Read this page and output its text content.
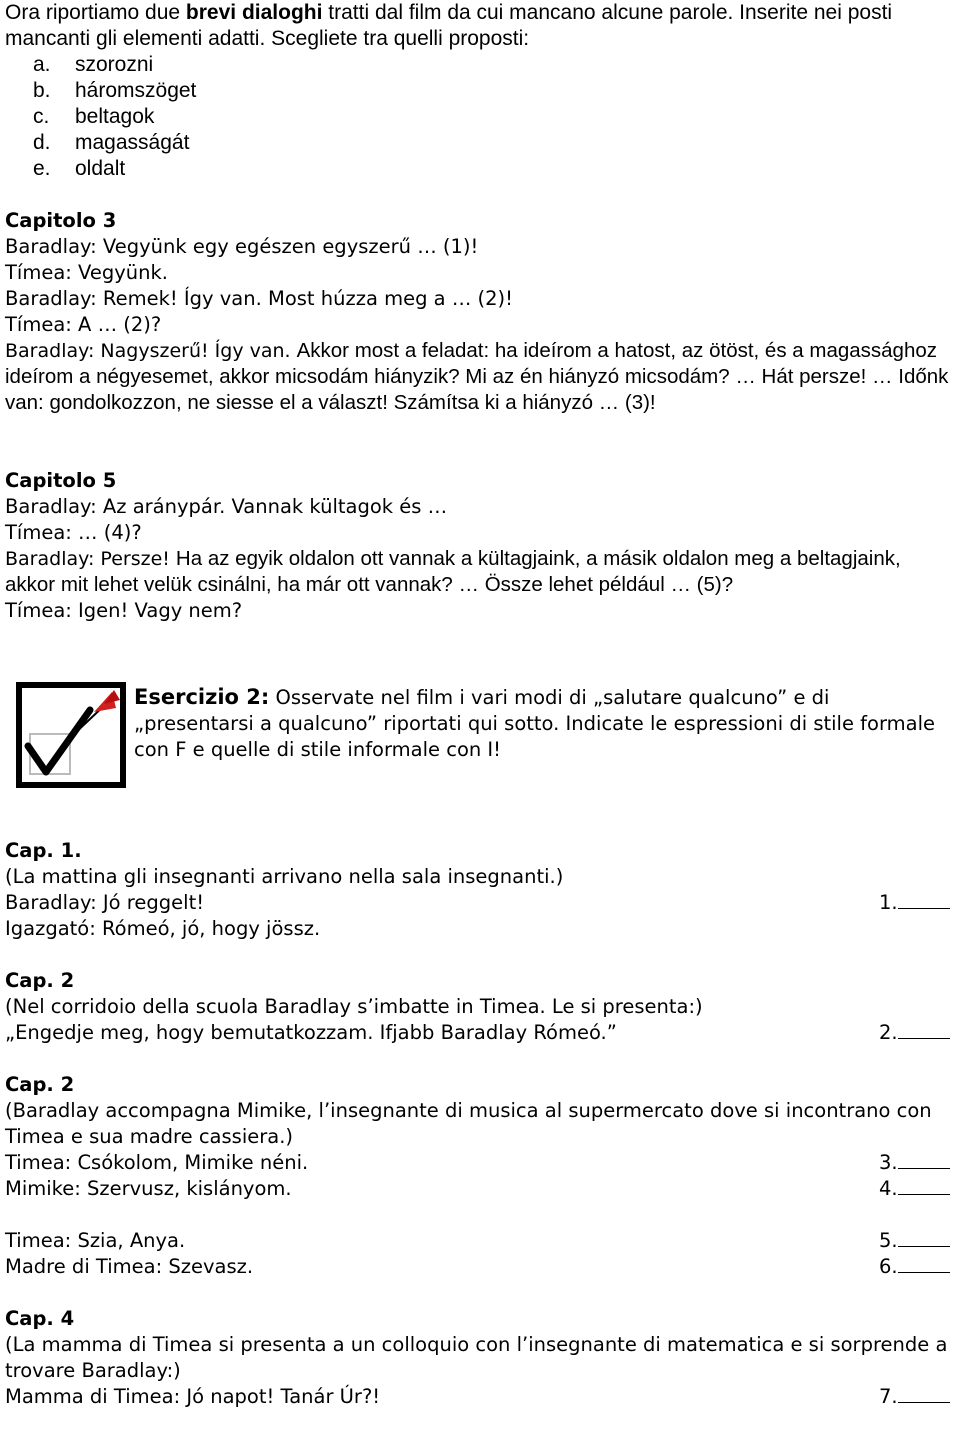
Ora riportiamo due brevi dialoghi tratti dal film da cui mancano alcune parole. Inserite nei posti mancanti gli elementi adatti. Scegliete tra quelli proposti:

a. szorozni

b. háromszöget

c. beltagok

d. magasságát

e. oldalt

Capitolo 3

Baradlay: Vegyünk egy egészen egyszerű … (1)!

Tímea: Vegyünk.

Baradlay: Remek! Így van. Most húzza meg a … (2)!

Tímea: A … (2)?

Baradlay: Nagyszerű! Így van. Akkor most a feladat: ha ideírom a hatost, az ötöst, és a magassághoz ideírom a négyesemet, akkor micsodám hiányzik? Mi az én hiányzó micsodám? … Hát persze! … Időnk van: gondolkozzon, ne siesse el a választ! Számítsa ki a hiányzó … (3)!

Capitolo 5

Baradlay: Az aránypár. Vannak kültagok és …

Tímea: … (4)?

Baradlay: Persze! Ha az egyik oldalon ott vannak a kültagjaink, a másik oldalon meg a beltagjaink, akkor mit lehet velük csinálni, ha már ott vannak? … Össze lehet például … (5)?

Tímea: Igen! Vagy nem?

Esercizio 2: Osservate nel film i vari modi di „salutare qualcuno” e di „presentarsi a qualcuno” riportati qui sotto. Indicate le espressioni di stile formale con F e quelle di stile informale con I!

Cap. 1.

(La mattina gli insegnanti arrivano nella sala insegnanti.)

Baradlay: Jó reggelt!	1.
Igazgató: Rómeó, jó, hogy jössz.

Cap. 2

(Nel corridoio della scuola Baradlay s’imbatte in Timea. Le si presenta:)

„Engedje meg, hogy bemutatkozzam. Ifjabb Baradlay Rómeó.”	2.

Cap. 2

(Baradlay accompagna Mimike, l’insegnante di musica al supermercato dove si incontrano con Timea e sua madre cassiera.)

Timea: Csókolom, Mimike néni.	3.
Mimike: Szervusz, kislányom.	4.
Timea: Szia, Anya.	5.
Madre di Timea: Szevasz.	6.

Cap. 4

(La mamma di Timea si presenta a un colloquio con l’insegnante di matematica e si sorprende a trovare Baradlay:)

Mamma di Timea: Jó napot! Tanár Úr?!	7.
